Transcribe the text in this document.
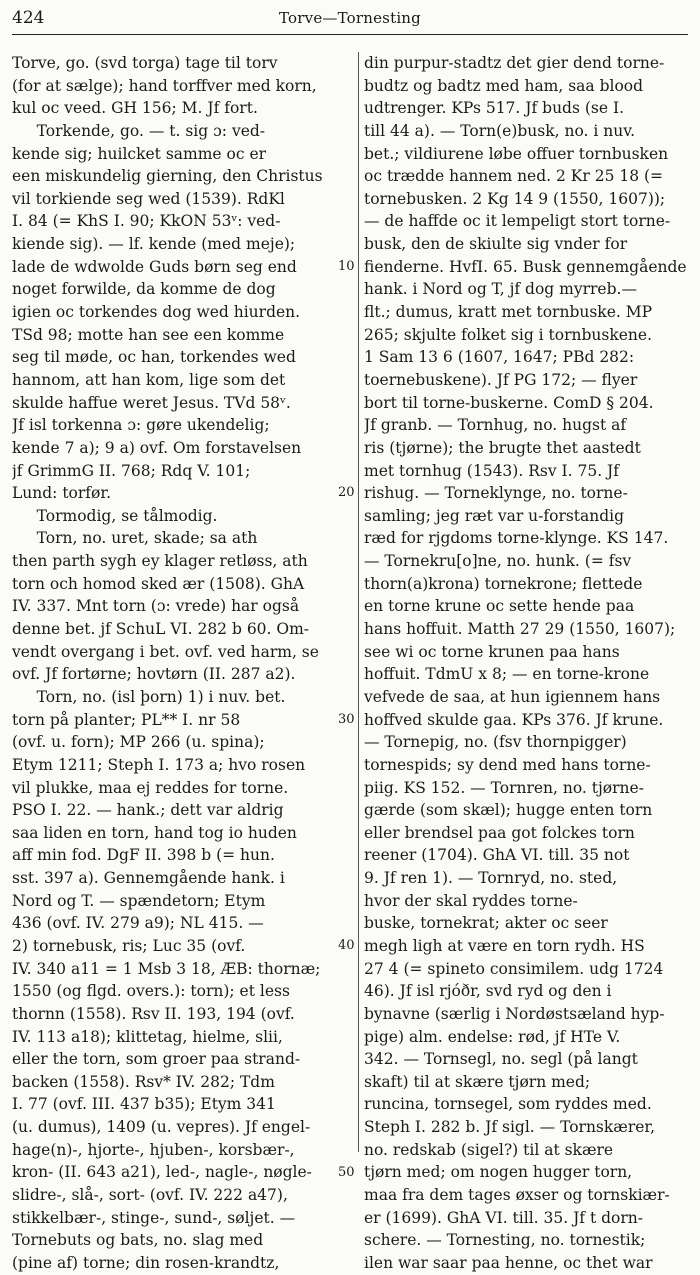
424	Torve—Tornesting
Torve, go. (svd torga) tage til torv
(for at sælge); hand torffver med korn,
kul oc veed. GH 156; M. Jf fort.
Torkende, go. — t. sig ɔ: ved-
kende sig; huilcket samme oc er
een miskundelig gierning, den Christus
vil torkiende seg wed (1539). RdKl
I. 84 (= KhS I. 90; KkON 53ᵛ: ved-
kiende sig). — lf. kende (med meje);
lade de wdwolde Guds børn seg end
noget forwilde, da komme de dog
igien oc torkendes dog wed hiurden.
TSd 98; motte han see een komme
seg til møde, oc han, torkendes wed
hannom, att han kom, lige som det
skulde haffue weret Jesus. TVd 58ᵛ.
Jf isl torkenna ɔ: gøre ukendelig;
kende 7 a); 9 a) ovf. Om forstavelsen
jf GrimmG II. 768; Rdq V. 101;
Lund: torfør.
Tormodig, se tålmodig.
Torn, no. uret, skade; sa ath
then parth sygh ey klager retløss, ath
torn och homod sked ær (1508). GhA
IV. 337. Mnt torn (ɔ: vrede) har også
denne bet. jf SchuL VI. 282 b 60. Om-
vendt overgang i bet. ovf. ved harm, se
ovf. Jf fortørne; hovtørn (II. 287 a2).
Torn, no. (isl þorn) 1) i nuv. bet.
torn på planter; PL** I. nr 58
(ovf. u. forn); MP 266 (u. spina);
Etym 1211; Steph I. 173 a; hvo rosen
vil plukke, maa ej reddes for torne.
PSO I. 22. — hank.; dett var aldrig
saa liden en torn, hand tog io huden
aff min fod. DgF II. 398 b (= hun.
sst. 397 a). Gennemgående hank. i
Nord og T. — spændetorn; Etym
436 (ovf. IV. 279 a9); NL 415. —
2) tornebusk, ris; Luc 35 (ovf.
IV. 340 a11 = 1 Msb 3 18, ÆB: thornæ;
1550 (og flgd. overs.): torn); et less
thornn (1558). Rsv II. 193, 194 (ovf.
IV. 113 a18); klittetag, hielme, slii,
eller the torn, som groer paa strand-
backen (1558). Rsv* IV. 282; Tdm
I. 77 (ovf. III. 437 b35); Etym 341
(u. dumus), 1409 (u. vepres). Jf engel-
hage(n)-, hjorte-, hjuben-, korsbær-,
kron- (II. 643 a21), led-, nagle-, nøgle-
slidre-, slå-, sort- (ovf. IV. 222 a47),
stikkelbær-, stinge-, sund-, søljet. —
Tornebuts og bats, no. slag med
(pine af) torne; din rosen-krandtz,
10
20
30
40
50
din purpur-stadtz det gier dend torne-
budtz og badtz med ham, saa blood
udtrenger. KPs 517. Jf buds (se I.
till 44 a). — Torn(e)busk, no. i nuv.
bet.; vildiurene løbe offuer tornbusken
oc trædde hannem ned. 2 Kr 25 18 (=
tornebusken. 2 Kg 14 9 (1550, 1607));
— de haffde oc it lempeligt stort torne-
busk, den de skiulte sig vnder for
fienderne. HvfI. 65. Busk gennemgående
hank. i Nord og T, jf dog myrreb.—
flt.; dumus, kratt met tornbuske. MP
265; skjulte folket sig i tornbuskene.
1 Sam 13 6 (1607, 1647; PBd 282:
toernebuskene). Jf PG 172; — flyer
bort til torne-buskerne. ComD § 204.
Jf granb. — Tornhug, no. hugst af
ris (tjørne); the brugte thet aastedt
met tornhug (1543). Rsv I. 75. Jf
rishug. — Torneklynge, no. torne-
samling; jeg ræt var u-forstandig
ræd for rjgdoms torne-klynge. KS 147.
— Tornekru[o]ne, no. hunk. (= fsv
thorn(a)krona) tornekrone; flettede
en torne krune oc sette hende paa
hans hoffuit. Matth 27 29 (1550, 1607);
see wi oc torne krunen paa hans
hoffuit. TdmU x 8; — en torne-krone
vefvede de saa, at hun igiennem hans
hoffved skulde gaa. KPs 376. Jf krune.
— Tornepig, no. (fsv thornpigger)
tornespids; sy dend med hans torne-
piig. KS 152. — Tornren, no. tjørne-
gærde (som skæl); hugge enten torn
eller brendsel paa got folckes torn
reener (1704). GhA VI. till. 35 not
9. Jf ren 1). — Tornryd, no. sted,
hvor der skal ryddes torne-
buske, tornekrat; akter oc seer
megh ligh at være en torn rydh. HS
27 4 (= spineto consimilem. udg 1724
46). Jf isl rjóðr, svd ryd og den i
bynavne (særlig i Nordøstsæland hyp-
pige) alm. endelse: rød, jf HTe V.
342. — Tornsegl, no. segl (på langt
skaft) til at skære tjørn med;
runcina, tornsegel, som ryddes med.
Steph I. 282 b. Jf sigl. — Tornskærer,
no. redskab (sigel?) til at skære
tjørn med; om nogen hugger torn,
maa fra dem tages øxser og tornskiær-
er (1699). GhA VI. till. 35. Jf t dorn-
schere. — Tornesting, no. tornestik;
ilen war saar paa henne, oc thet war
